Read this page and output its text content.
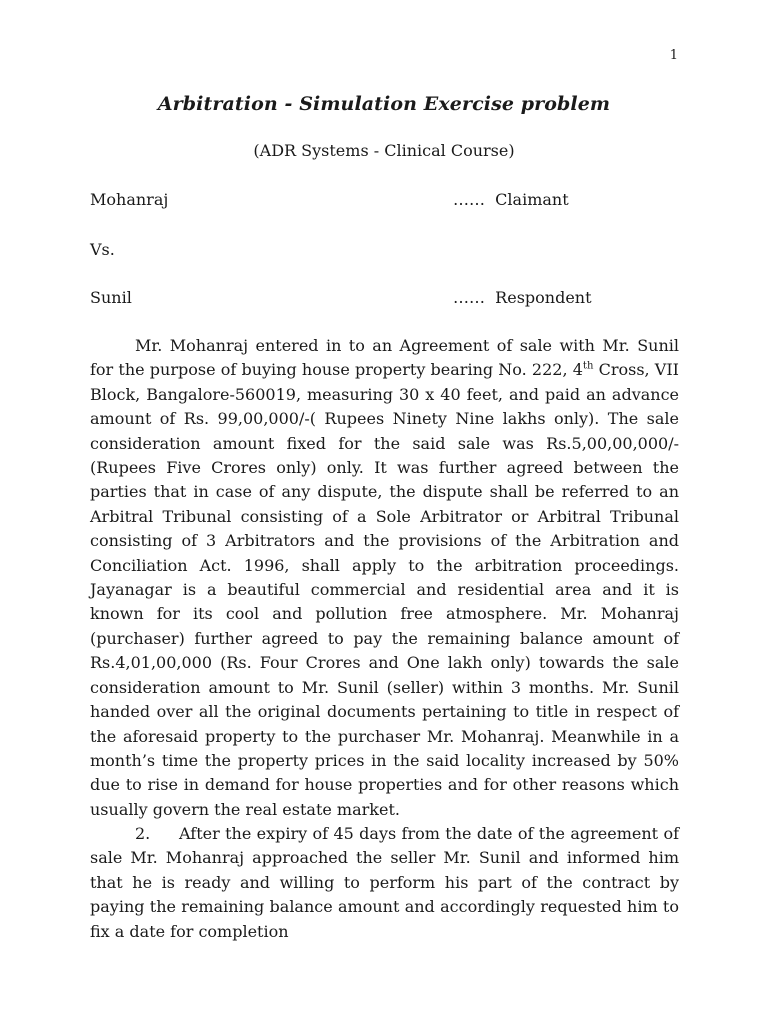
1
Arbitration - Simulation Exercise problem
(ADR Systems - Clinical Course)
Mohanraj	……  Claimant
Vs.
Sunil	……  Respondent

Mr. Mohanraj entered in to an Agreement of sale with Mr. Sunil for the purpose of buying house property bearing No. 222, 4th Cross, VII Block, Bangalore-560019, measuring 30 x 40 feet, and paid an advance amount of Rs. 99,00,000/-( Rupees Ninety Nine lakhs only). The sale consideration amount fixed for the said sale was Rs.5,00,00,000/- (Rupees Five Crores only) only. It was further agreed between the parties that in case of any dispute, the dispute shall be referred to an Arbitral Tribunal consisting of a Sole Arbitrator or Arbitral Tribunal consisting of 3 Arbitrators and the provisions of the Arbitration and Conciliation Act. 1996, shall apply to the arbitration proceedings. Jayanagar is a beautiful commercial and residential area and it is known for its cool and pollution free atmosphere. Mr. Mohanraj (purchaser) further agreed to pay the remaining balance amount of Rs.4,01,00,000 (Rs. Four Crores and One lakh only) towards the sale consideration amount to Mr. Sunil (seller) within 3 months. Mr. Sunil handed over all the original documents pertaining to title in respect of the aforesaid property to the purchaser Mr. Mohanraj. Meanwhile in a month’s time the property prices in the said locality increased by 50% due to rise in demand for house properties and for other reasons which usually govern the real estate market.

2. After the expiry of 45 days from the date of the agreement of sale Mr. Mohanraj approached the seller Mr. Sunil and informed him that he is ready and willing to perform his part of the contract by paying the remaining balance amount and accordingly requested him to fix a date for completion
